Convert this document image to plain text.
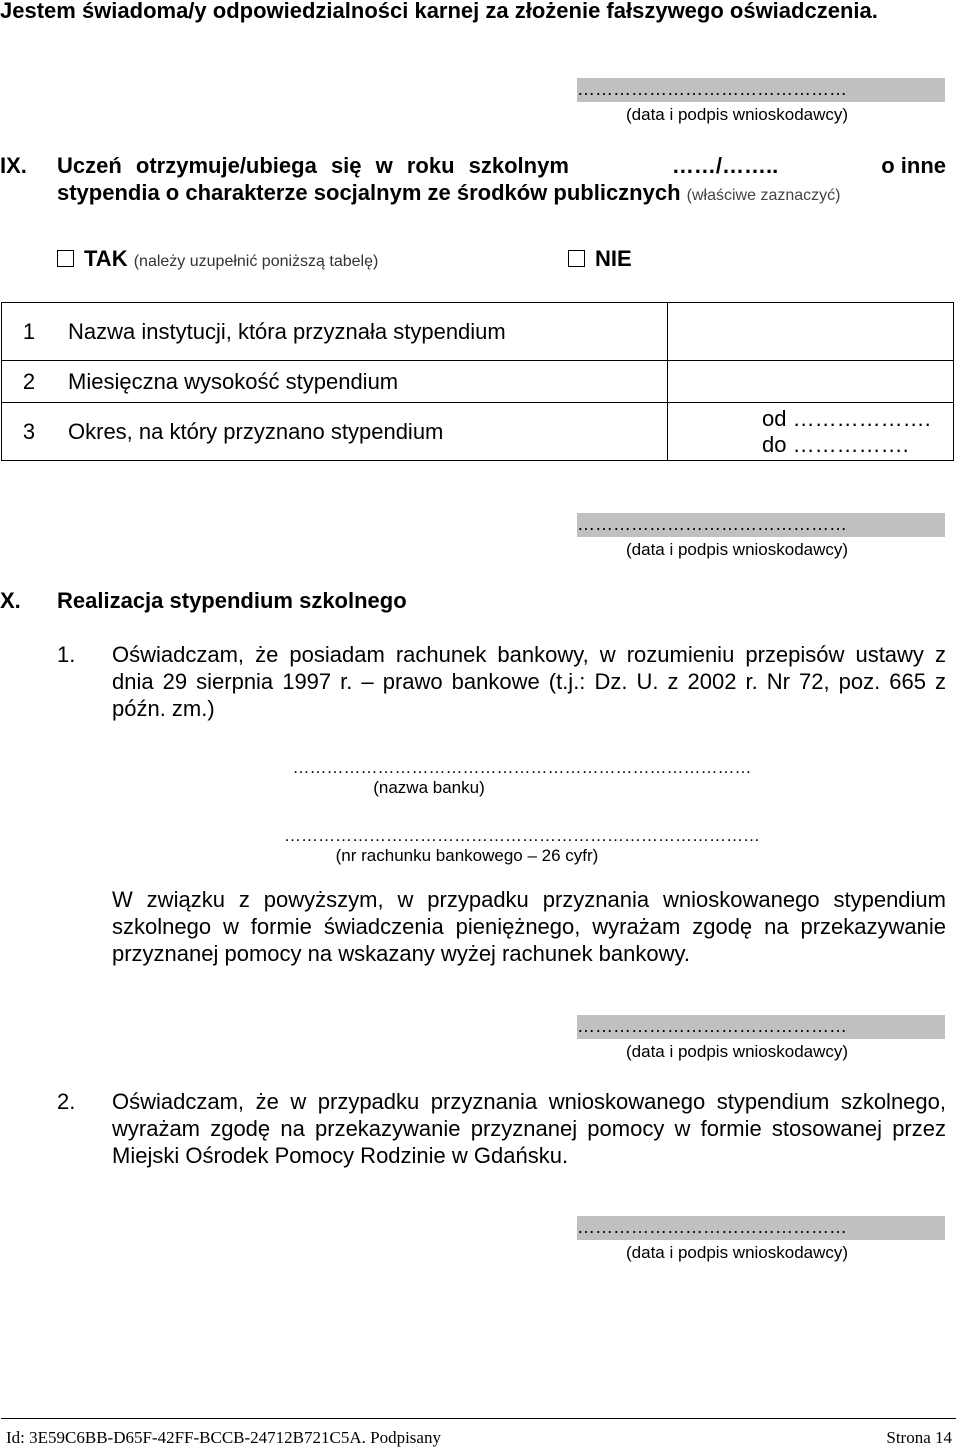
Jestem świadoma/y odpowiedzialności karnej za złożenie fałszywego oświadczenia.
………………………………………
(data i podpis wnioskodawcy)
IX. Uczeń otrzymuje/ubiega się w roku szkolnym	……/……..	o inne
stypendia o charakterze socjalnym ze środków publicznych (właściwe zaznaczyć)
TAK (należy uzupełnić poniższą tabelę)	NIE
1	Nazwa instytucji, która przyznała stypendium	
2	Miesięczna wysokość stypendium	
3	Okres, na który przyznano stypendium	od ……………….
do …………….
………………………………………
(data i podpis wnioskodawcy)
X. Realizacja stypendium szkolnego
1. Oświadczam, że posiadam rachunek bankowy, w rozumieniu przepisów ustawy z dnia 29 sierpnia 1997 r. – prawo bankowe (t.j.: Dz. U. z 2002 r. Nr 72, poz. 665 z późn. zm.)
………………………………………………………………………
(nazwa banku)
…………………………………………………………………………
(nr rachunku bankowego – 26 cyfr)
W związku z powyższym, w przypadku przyznania wnioskowanego stypendium szkolnego w formie świadczenia pieniężnego, wyrażam zgodę na przekazywanie przyznanej pomocy na wskazany wyżej rachunek bankowy.
………………………………………
(data i podpis wnioskodawcy)
2. Oświadczam, że w przypadku przyznania wnioskowanego stypendium szkolnego, wyrażam zgodę na przekazywanie przyznanej pomocy w formie stosowanej przez Miejski Ośrodek Pomocy Rodzinie w Gdańsku.
………………………………………
(data i podpis wnioskodawcy)
Id: 3E59C6BB-D65F-42FF-BCCB-24712B721C5A. Podpisany	Strona 14
